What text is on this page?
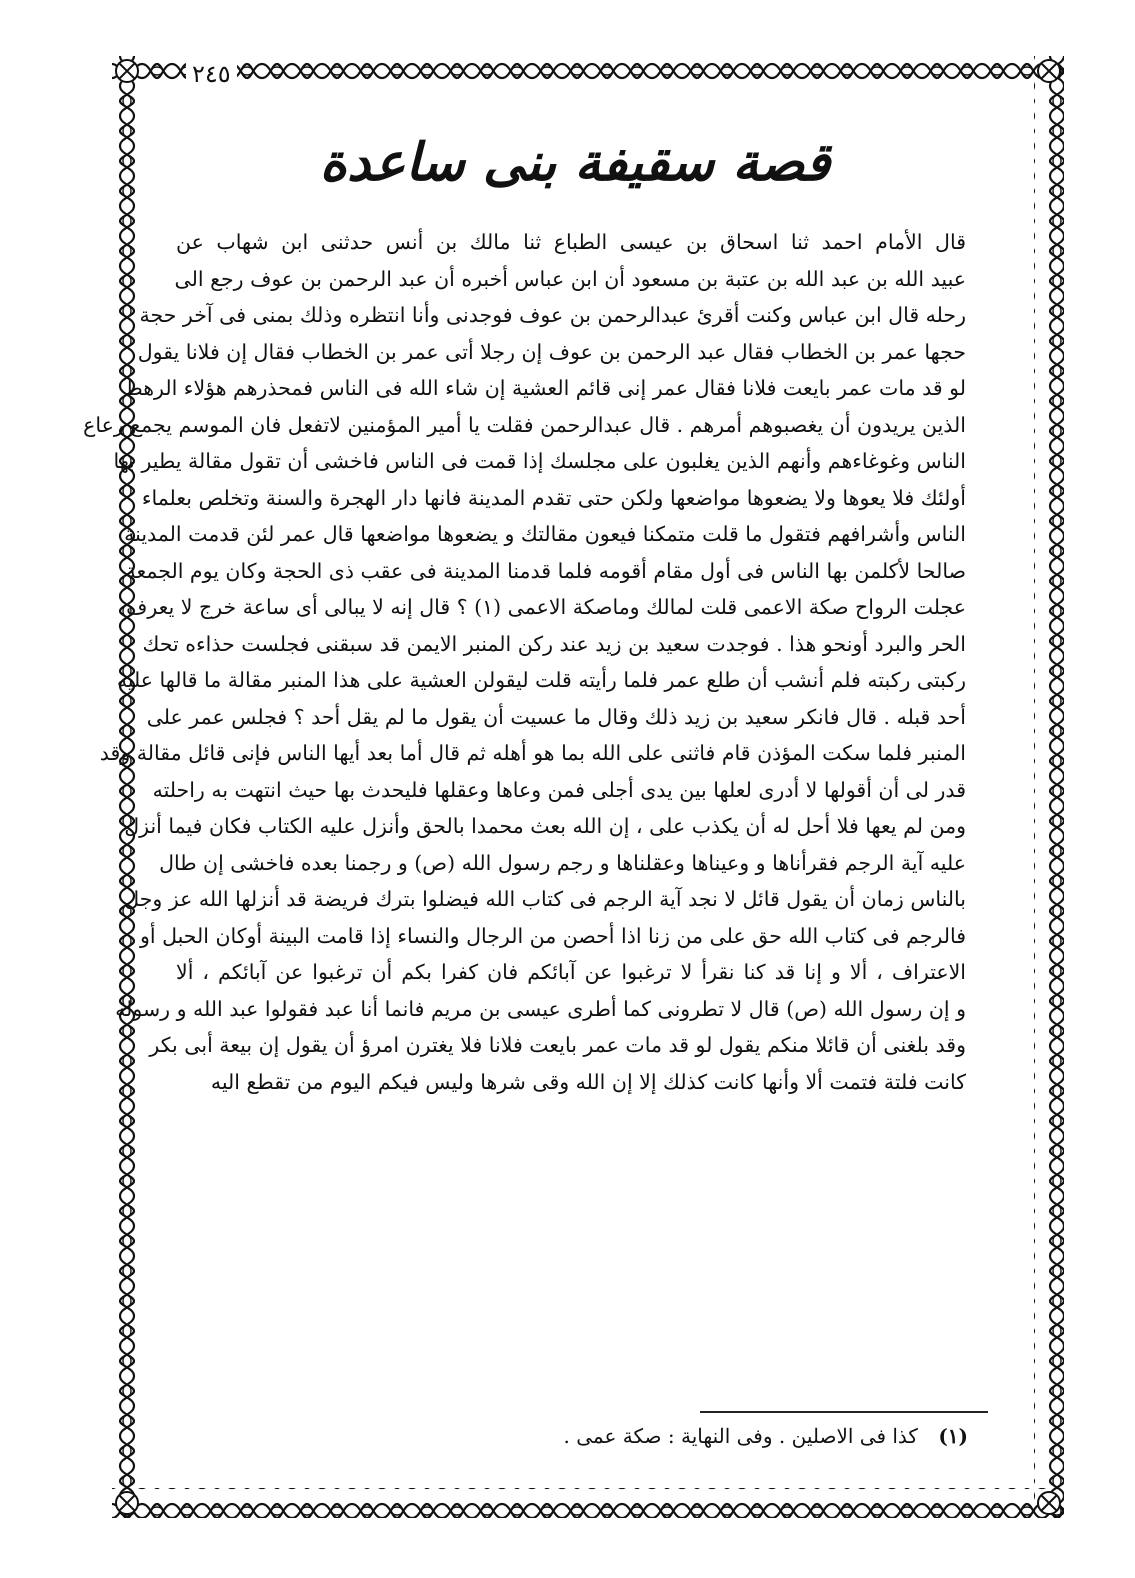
٢٤٥
قصة سقيفة بنى ساعدة
قال الأمام احمد ثنا اسحاق بن عيسى الطباع ثنا مالك بن أنس حدثنى ابن شهاب عن
عبيد الله بن عبد الله بن عتبة بن مسعود أن ابن عباس أخبره أن عبد الرحمن بن عوف رجع الى
رحله قال ابن عباس وكنت أقرئ عبدالرحمن بن عوف فوجدنى وأنا انتظره وذلك بمنى فى آخر حجة
حجها عمر بن الخطاب فقال عبد الرحمن بن عوف إن رجلا أتى عمر بن الخطاب فقال إن فلانا يقول
لو قد مات عمر بايعت فلانا فقال عمر إنى قائم العشية إن شاء الله فى الناس فمحذرهم هؤلاء الرهط
الذين يريدون أن يغصبوهم أمرهم . قال عبدالرحمن فقلت يا أمير المؤمنين لاتفعل فان الموسم يجمع رعاع
الناس وغوغاءهم وأنهم الذين يغلبون على مجلسك إذا قمت فى الناس فاخشى أن تقول مقالة يطير بها
أولئك فلا يعوها ولا يضعوها مواضعها ولكن حتى تقدم المدينة فانها دار الهجرة والسنة وتخلص بعلماء
الناس وأشرافهم فتقول ما قلت متمكنا فيعون مقالتك و يضعوها مواضعها قال عمر لئن قدمت المدينة
صالحا لأكلمن بها الناس فى أول مقام أقومه فلما قدمنا المدينة فى عقب ذى الحجة وكان يوم الجمعة
عجلت الرواح صكة الاعمى قلت لمالك وماصكة الاعمى (١) ؟ قال إنه لا يبالى أى ساعة خرج لا يعرف
الحر والبرد أونحو هذا . فوجدت سعيد بن زيد عند ركن المنبر الايمن قد سبقنى فجلست حذاءه تحك
ركبتى ركبته فلم أنشب أن طلع عمر فلما رأيته قلت ليقولن العشية على هذا المنبر مقالة ما قالها عليه
أحد قبله . قال فانكر سعيد بن زيد ذلك وقال ما عسيت أن يقول ما لم يقل أحد ؟ فجلس عمر على
المنبر فلما سكت المؤذن قام فاثنى على الله بما هو أهله ثم قال أما بعد أيها الناس فإنى قائل مقالة وقد
قدر لى أن أقولها لا أدرى لعلها بين يدى أجلى فمن وعاها وعقلها فليحدث بها حيث انتهت به راحلته
ومن لم يعها فلا أحل له أن يكذب على ، إن الله بعث محمدا بالحق وأنزل عليه الكتاب فكان فيما أنزل
عليه آية الرجم فقرأناها و وعيناها وعقلناها و رجم رسول الله (ص) و رجمنا بعده فاخشى إن طال
بالناس زمان أن يقول قائل لا نجد آية الرجم فى كتاب الله فيضلوا بترك فريضة قد أنزلها الله عز وجل
فالرجم فى كتاب الله حق على من زنا اذا أحصن من الرجال والنساء إذا قامت البينة أوكان الحبل أو
الاعتراف ، ألا و إنا قد كنا نقرأ لا ترغبوا عن آبائكم فان كفرا بكم أن ترغبوا عن آبائكم ، ألا
و إن رسول الله (ص) قال لا تطرونى كما أطرى عيسى بن مريم فانما أنا عبد فقولوا عبد الله و رسوله
وقد بلغنى أن قائلا منكم يقول لو قد مات عمر بايعت فلانا فلا يغترن امرؤ أن يقول إن بيعة أبى بكر
كانت فلتة فتمت ألا وأنها كانت كذلك إلا إن الله وقى شرها وليس فيكم اليوم من تقطع اليه
(١) كذا فى الاصلين . وفى النهاية : صكة عمى .
